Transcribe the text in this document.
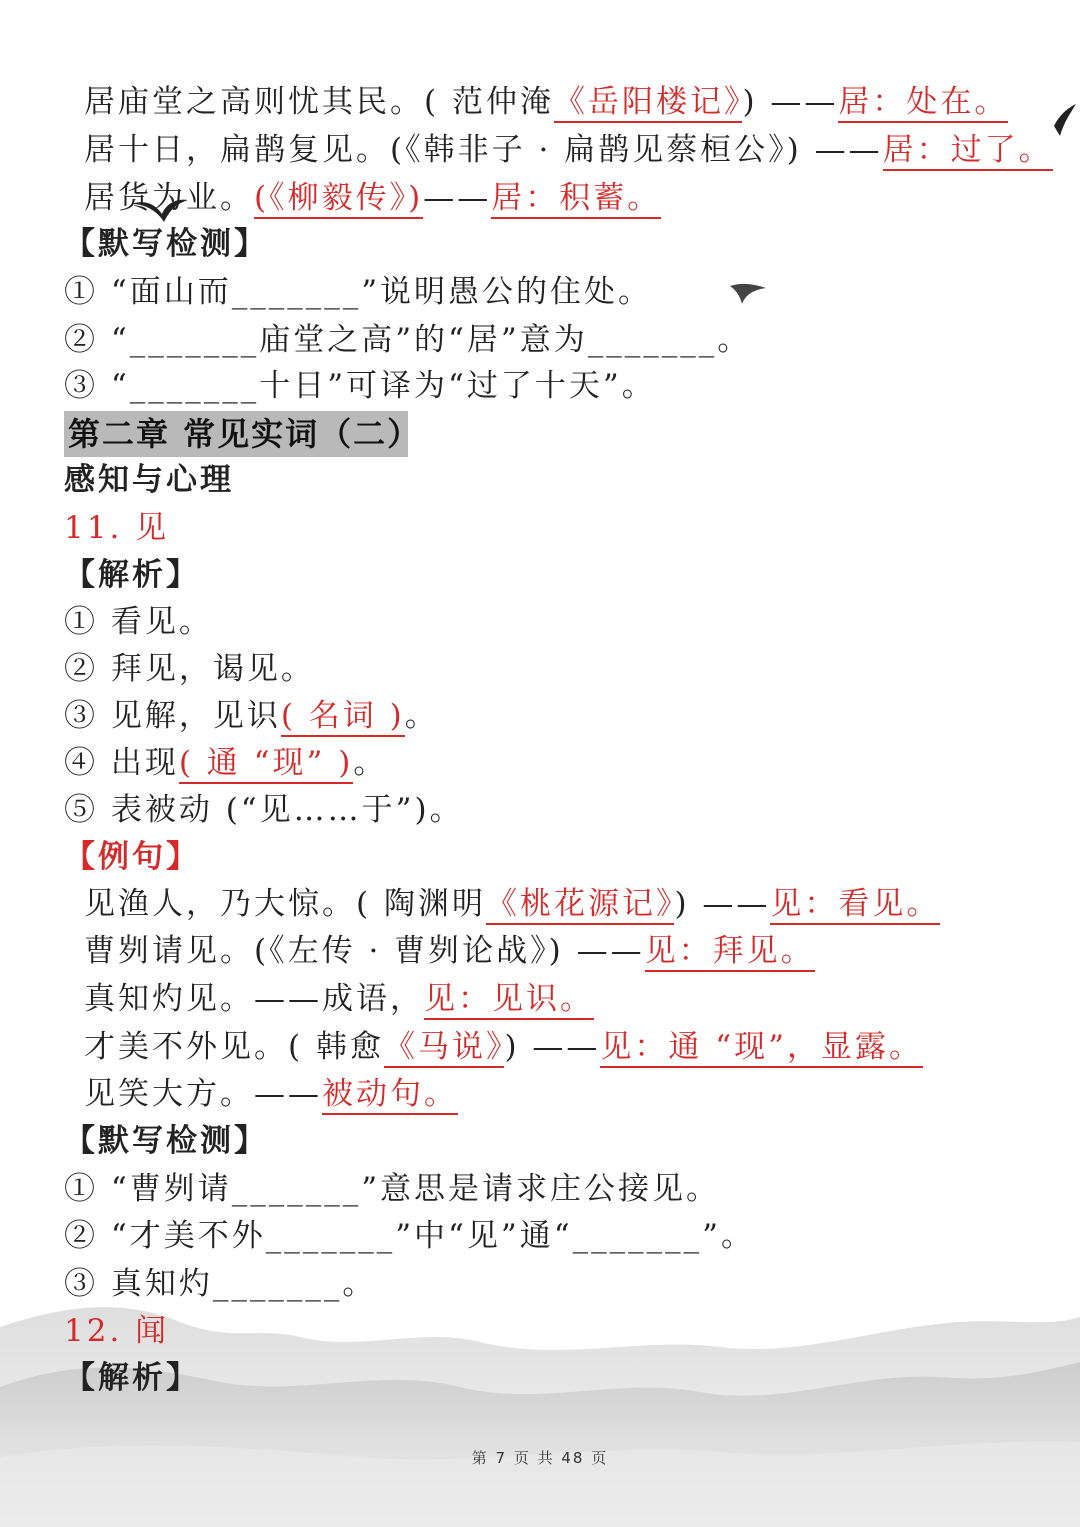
居庙堂之高则忧其民。( 范仲淹《岳阳楼记》) ——居：处在。
居十日，扁鹊复见。(《韩非子 · 扁鹊见蔡桓公》) ——居：过了。
居货为业。(《柳毅传》)——居：积蓄。
【默写检测】
① “面山而_______”说明愚公的住处。
② “_______庙堂之高”的“居”意为_______。
③ “_______十日”可译为“过了十天”。
第二章 常见实词（二）
感知与心理
11. 见
【解析】
① 看见。
② 拜见，谒见。
③ 见解，见识( 名词 )。
④ 出现( 通 “现” )。
⑤ 表被动 (“见……于”)。
【例句】
见渔人，乃大惊。( 陶渊明《桃花源记》) ——见：看见。
曹刿请见。(《左传 · 曹刿论战》) ——见：拜见。
真知灼见。——成语，见：见识。
才美不外见。( 韩愈《马说》) ——见：通 “现”，显露。
见笑大方。——被动句。
【默写检测】
① “曹刿请_______”意思是请求庄公接见。
② “才美不外_______”中“见”通“_______”。
③ 真知灼_______。
12. 闻
【解析】
第 7 页 共 48 页
